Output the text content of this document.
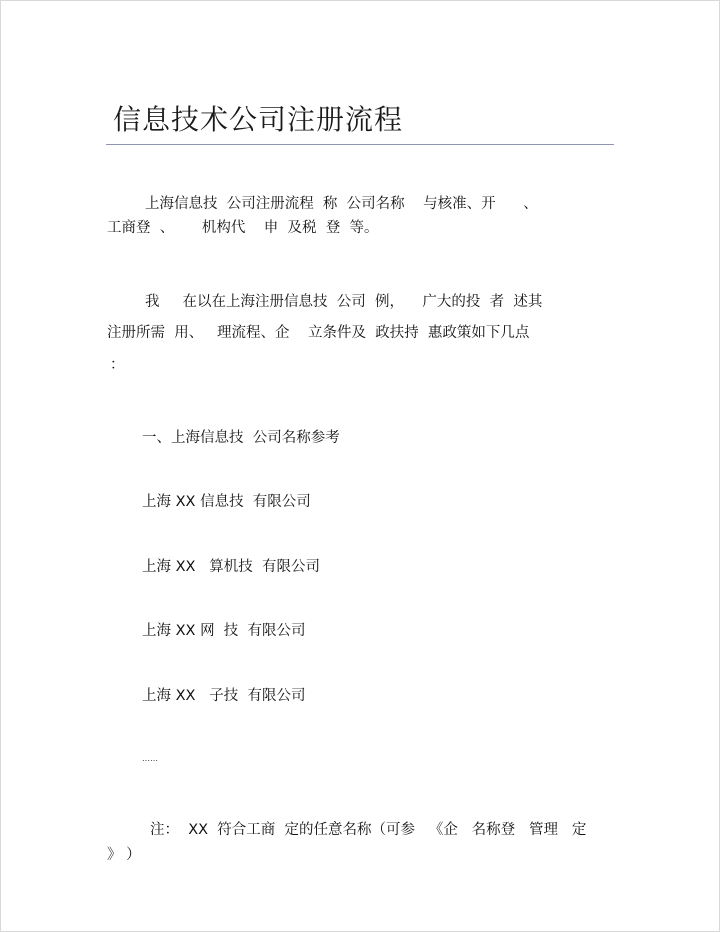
信息技术公司注册流程
上海信息技  公司注册流程  称  公司名称    与核准、开      、
工商登  、      机构代    申  及税  登  等。
我     在以在上海注册信息技  公司  例，    广大的投  者  述其
注册所需  用、   理流程、企    立条件及  政扶持  惠政策如下几点
：
一、上海信息技  公司名称参考
上海 XX 信息技  有限公司
上海 XX   算机技  有限公司
上海 XX 网  技  有限公司
上海 XX   子技  有限公司
……
注：  XX  符合工商  定的任意名称（可参   《企   名称登   管理   定
》 ）
